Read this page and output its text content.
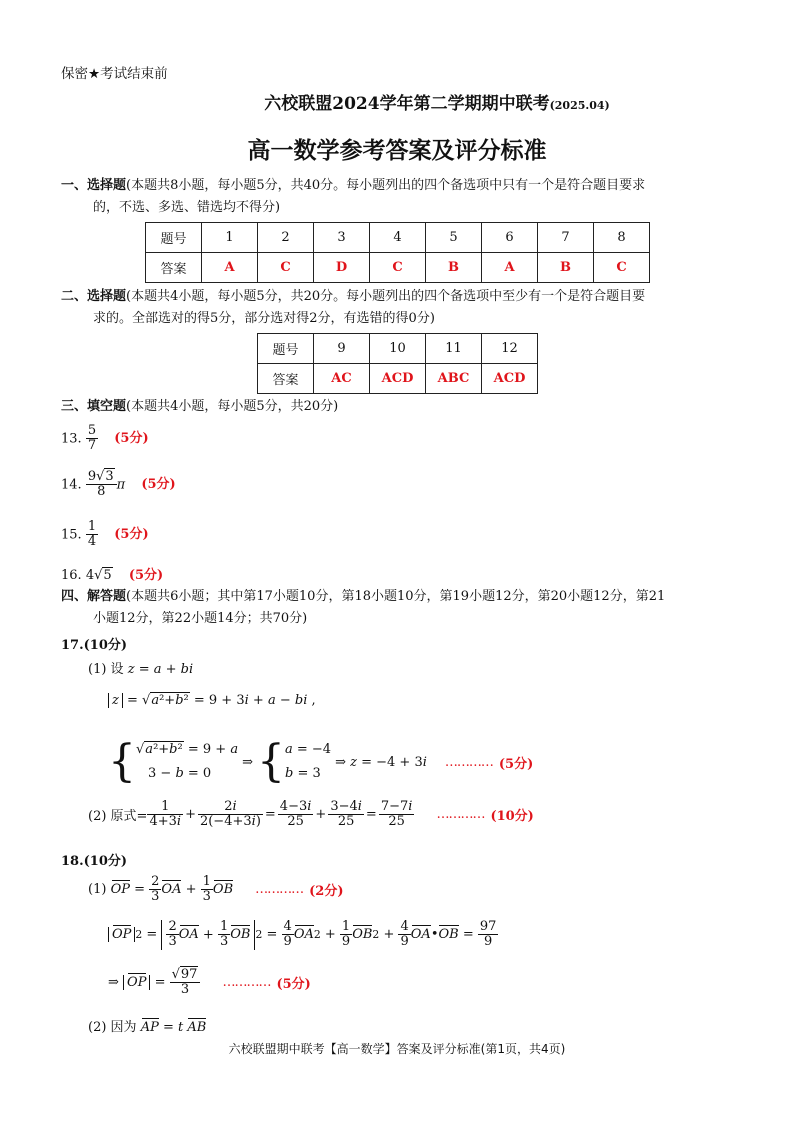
保密★考试结束前
六校联盟2024学年第二学期期中联考(2025.04)
高一数学参考答案及评分标准
一、选择题(本题共8小题，每小题5分，共40分。每小题列出的四个备选项中只有一个是符合题目要求
的，不选、多选、错选均不得分)
题号	1	2	3	4	5	6	7	8
答案	A	C	D	C	B	A	B	C
二、选择题(本题共4小题，每小题5分，共20分。每小题列出的四个备选项中至少有一个是符合题目要
求的。全部选对的得5分，部分选对得2分，有选错的得0分)
题号	9	10	11	12
答案	AC	ACD	ABC	ACD
三、填空题(本题共4小题，每小题5分，共20分)
13. $\frac{5}{7} (5$分)
14. $\frac{9√3}{8}$ π (5分)
15. $\frac{1}{4} (5$分)
16. 4√5 (5分)
四、解答题(本题共6小题；其中第17小题10分，第18小题10分，第19小题12分，第20小题12分，第21
小题12分，第22小题14分；共70分)
17.(10分)
(1) 设 z = a + bi
z = √a²+b² = 9 + 3i + a − bi ,
{ √a²+b² = 9 + a
3 − b = 0
⇒ { a = −4
b = 3
⇒ z = −4 + 3i ………… (5分)
(2) 原式= $\frac{1}{4+3i} + \frac{2i}{2(-4+3i)} = \frac{4-3i}{25} + \frac{3-4i}{25} = \frac{7-7i}{25}$ ………… (10分)
18.(10分)
(1)
OP = $\frac{2}{3}$ OA + $\frac{1}{3}$ OB ………… (2分)
OP $2 = \frac{2}{3}$ OA + $\frac{1}{3}$ OB $2 = \frac{4}{9}$ OA $2 + \frac{1}{9}$ OB $2 + \frac{4}{9}$ OA • OB = $\frac{97}{9}$
⇒ OP = $\frac{√97}{3}$ ………… (5分)
(2) 因为 AP = t AB
六校联盟期中联考【高一数学】答案及评分标准(第1页，共4页)
